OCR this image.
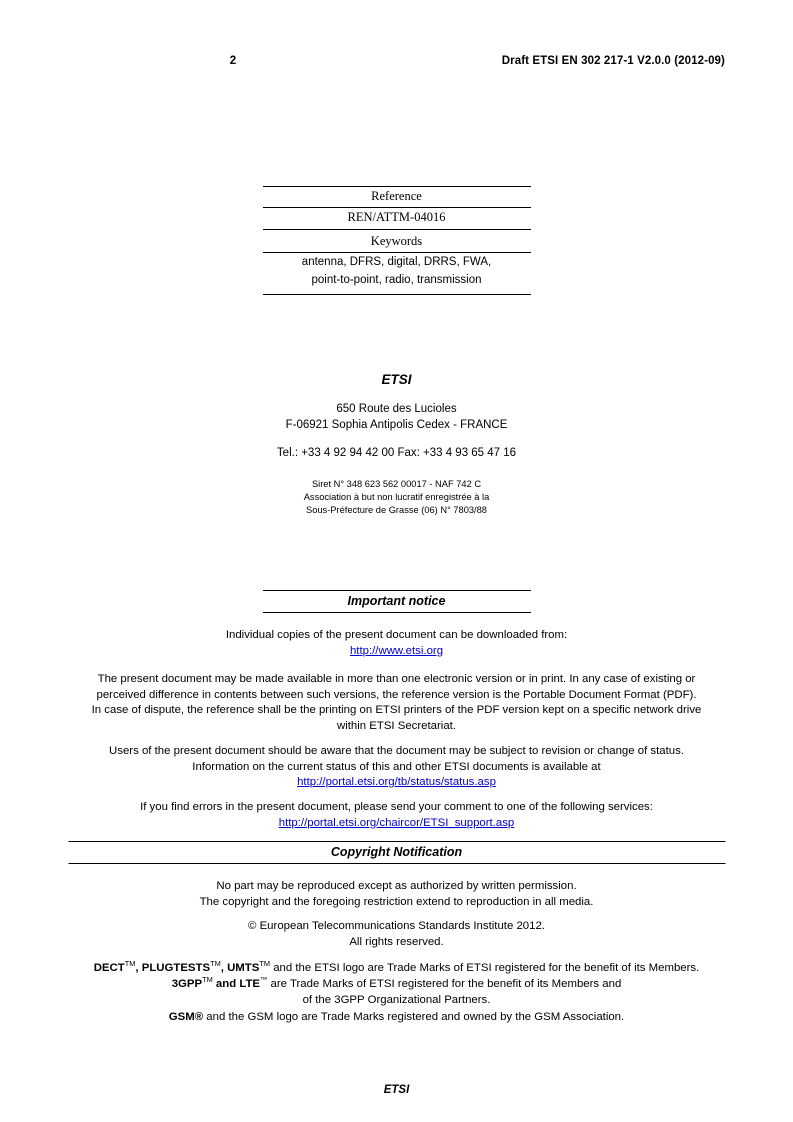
2	Draft ETSI EN 302 217-1 V2.0.0 (2012-09)
Reference
REN/ATTM-04016
Keywords
antenna, DFRS, digital, DRRS, FWA,
point-to-point, radio, transmission
ETSI
650 Route des Lucioles
F-06921 Sophia Antipolis Cedex - FRANCE
Tel.: +33 4 92 94 42 00 Fax: +33 4 93 65 47 16
Siret N° 348 623 562 00017 - NAF 742 C
Association à but non lucratif enregistrée à la
Sous-Préfecture de Grasse (06) N° 7803/88
Important notice
Individual copies of the present document can be downloaded from:
http://www.etsi.org
The present document may be made available in more than one electronic version or in print. In any case of existing or
perceived difference in contents between such versions, the reference version is the Portable Document Format (PDF).
In case of dispute, the reference shall be the printing on ETSI printers of the PDF version kept on a specific network drive
within ETSI Secretariat.
Users of the present document should be aware that the document may be subject to revision or change of status.
Information on the current status of this and other ETSI documents is available at
http://portal.etsi.org/tb/status/status.asp
If you find errors in the present document, please send your comment to one of the following services:
http://portal.etsi.org/chaircor/ETSI_support.asp
Copyright Notification
No part may be reproduced except as authorized by written permission.
The copyright and the foregoing restriction extend to reproduction in all media.
© European Telecommunications Standards Institute 2012.
All rights reserved.
DECT™, PLUGTESTS™, UMTS™ and the ETSI logo are Trade Marks of ETSI registered for the benefit of its Members.
3GPP™ and LTE™ are Trade Marks of ETSI registered for the benefit of its Members and
of the 3GPP Organizational Partners.
GSM® and the GSM logo are Trade Marks registered and owned by the GSM Association.
ETSI
